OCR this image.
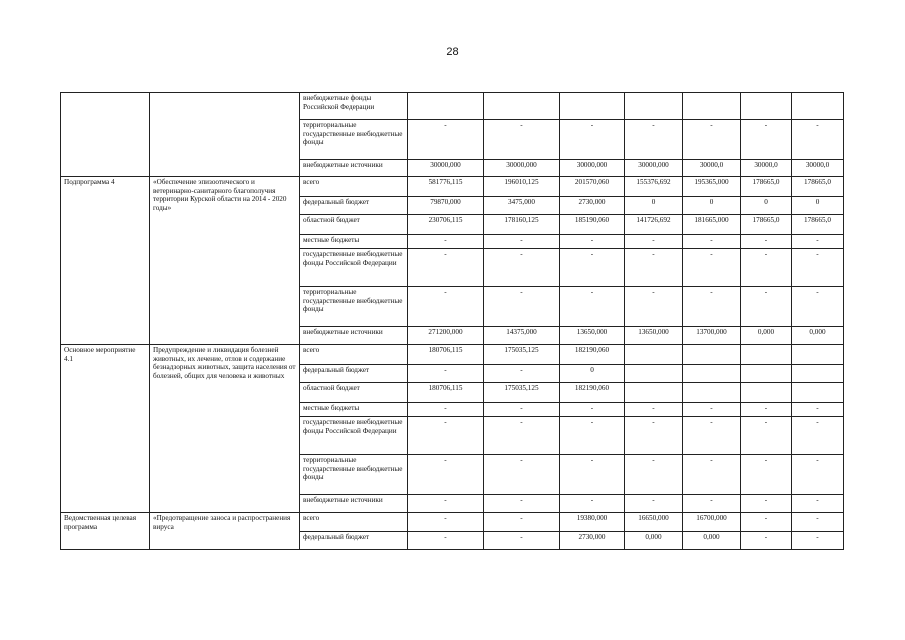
28
		внебюджетные фонды Российской Федерации							
		территориальные государственные внебюджетные фонды	-	-	-	-	-	-	-
		внебюджетные источники	30000,000	30000,000	30000,000	30000,000	30000,0	30000,0	30000,0
Подпрограмма 4	«Обеспечение эпизоотического и ветеринарно-санитарного благополучия территории Курской области на 2014 - 2020 годы»	всего	581776,115	196010,125	201570,060	155376,692	195365,000	178665,0	178665,0
		федеральный бюджет	79870,000	3475,000	2730,000	0	0	0	0
		областной бюджет	230706,115	178160,125	185190,060	141726,692	181665,000	178665,0	178665,0
		местные бюджеты	-	-	-	-	-	-	-
		государственные внебюджетные фонды Российской Федерации	-	-	-	-	-	-	-
		территориальные государственные внебюджетные фонды	-	-	-	-	-	-	-
		внебюджетные источники	271200,000	14375,000	13650,000	13650,000	13700,000	0,000	0,000
Основное мероприятие 4.1	Предупреждение и ликвидация болезней животных, их лечение, отлов и содержание безнадзорных животных, защита населения от болезней, общих для человека и животных	всего	180706,115	175035,125	182190,060				
		федеральный бюджет	-	-	0				
		областной бюджет	180706,115	175035,125	182190,060				
		местные бюджеты	-	-	-	-	-	-	-
		государственные внебюджетные фонды Российской Федерации	-	-	-	-	-	-	-
		территориальные государственные внебюджетные фонды	-	-	-	-	-	-	-
		внебюджетные источники	-	-	-	-	-	-	-
Ведомственная целевая программа	«Предотвращение заноса и распространения вируса	всего	-	-	19380,000	16650,000	16700,000	-	-
		федеральный бюджет	-	-	2730,000	0,000	0,000	-	-
